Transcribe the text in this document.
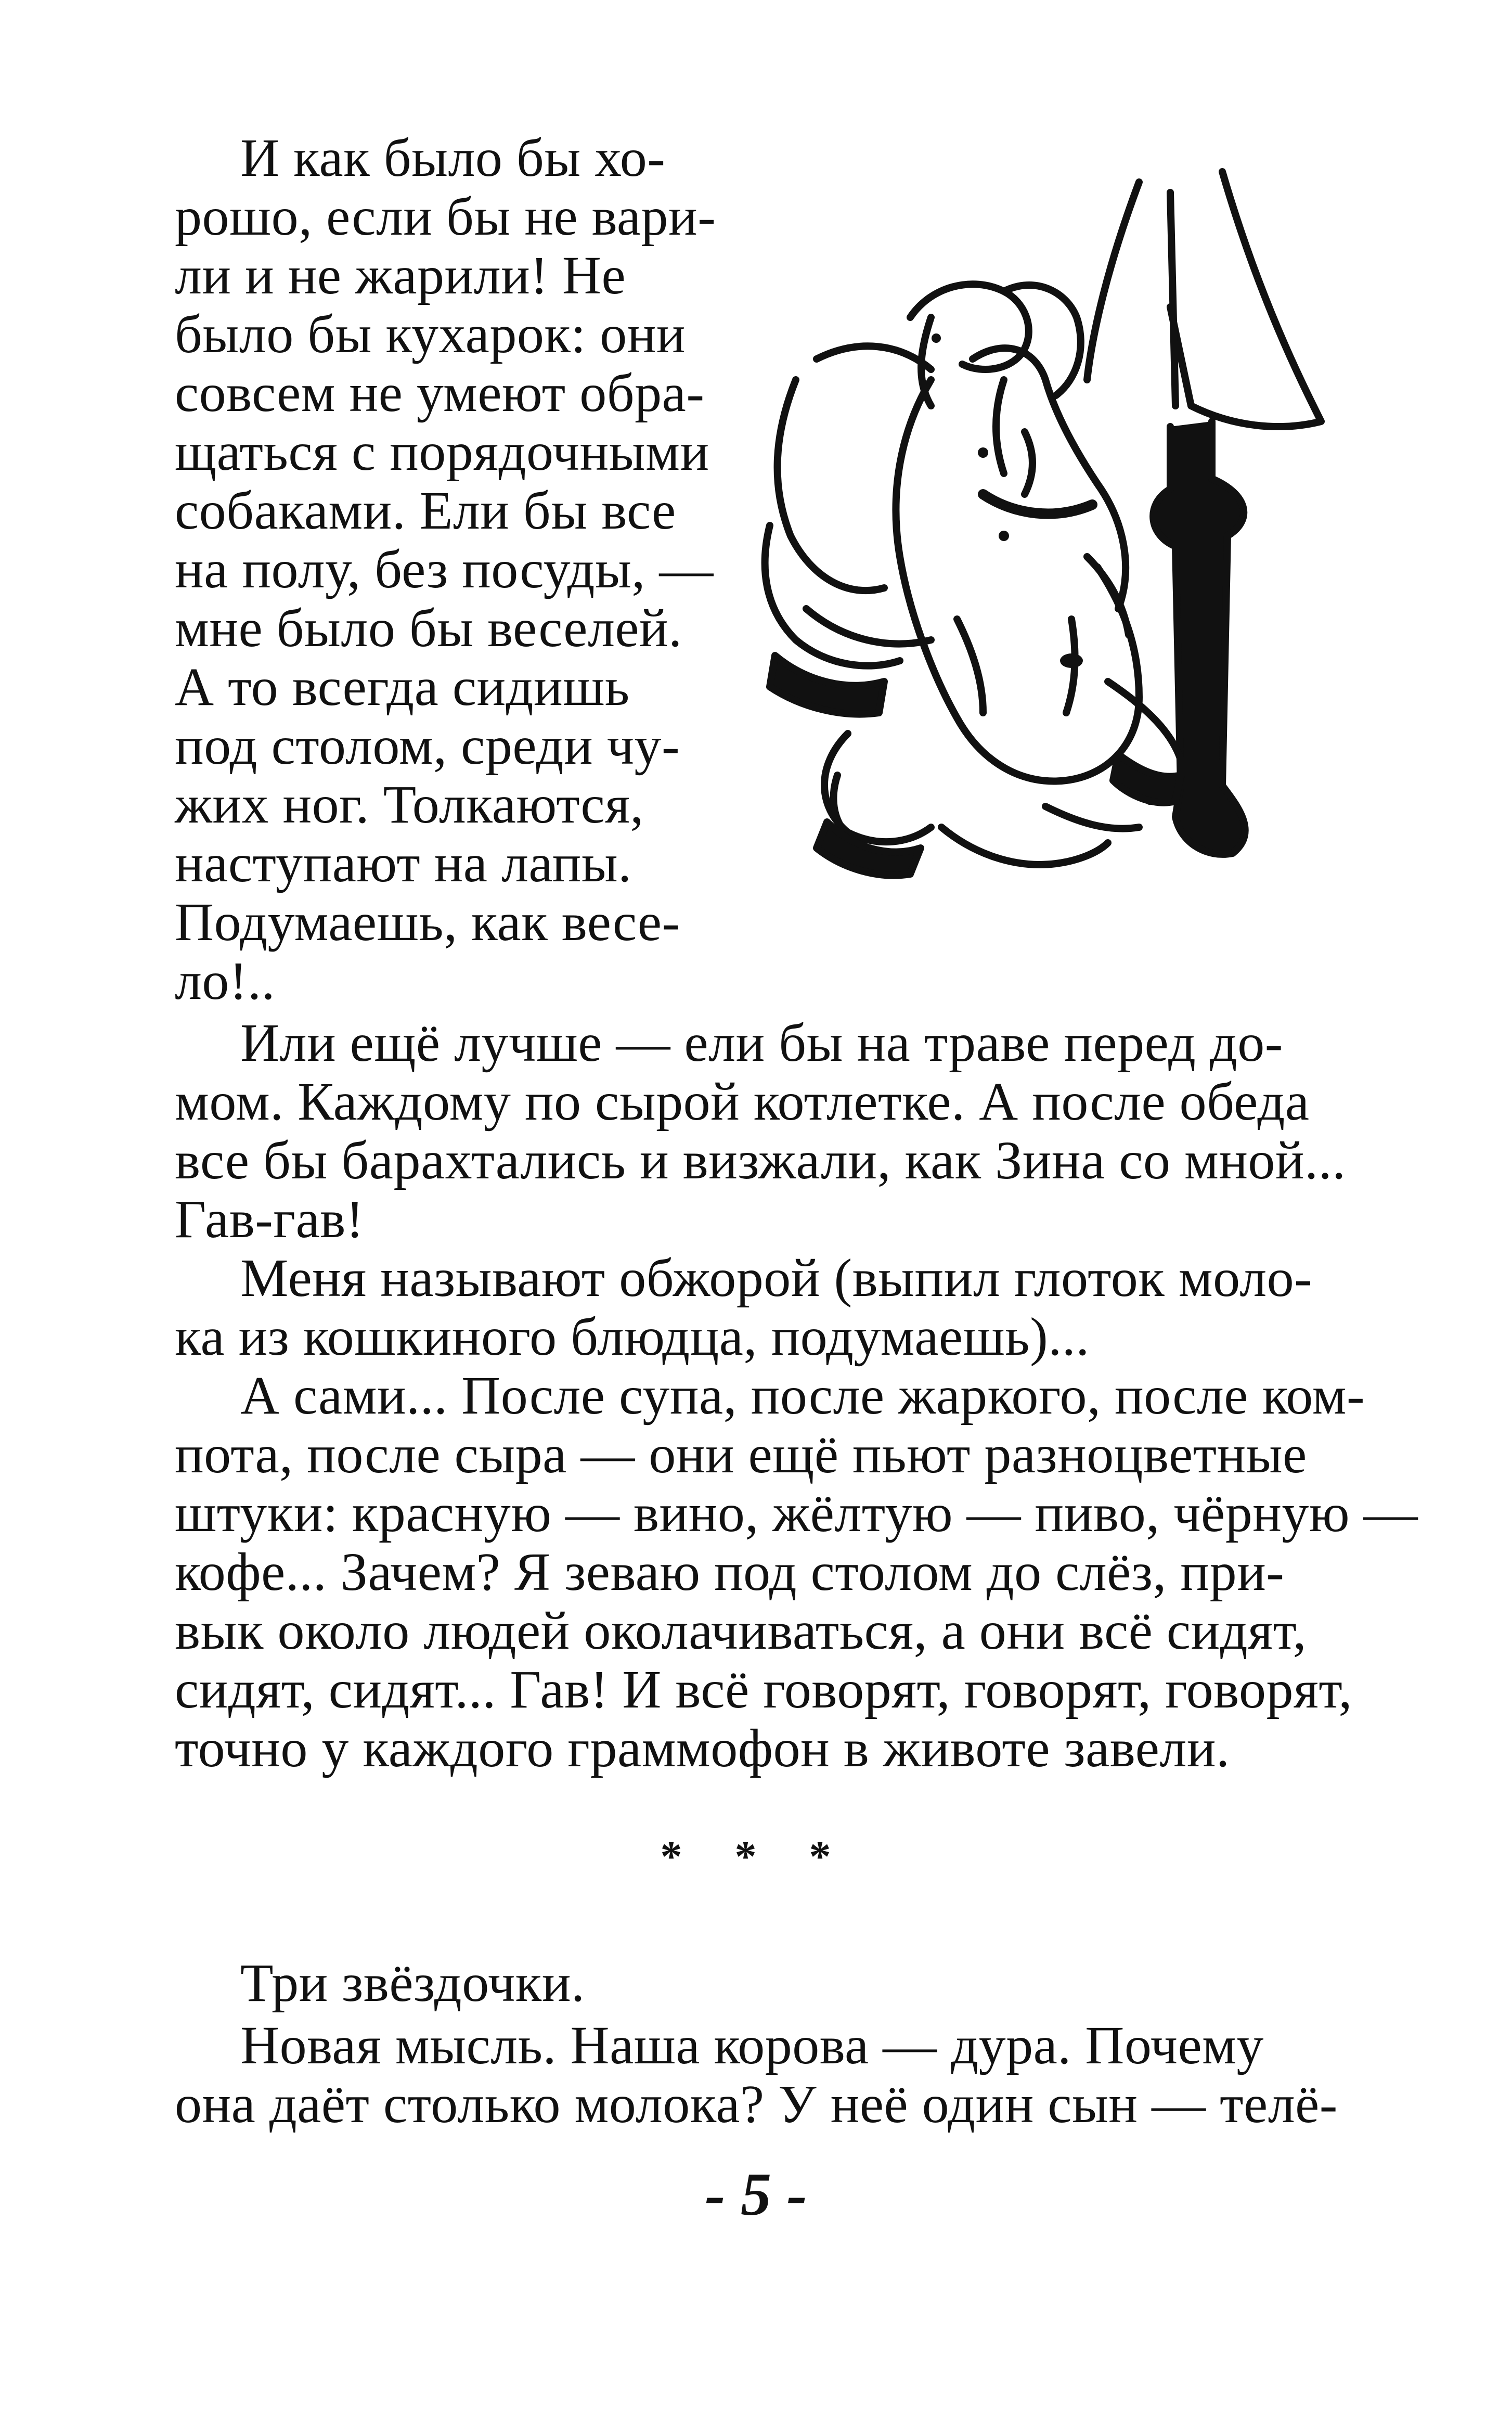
И как было бы хо-
рошо, если бы не вари-
ли и не жарили! Не
было бы кухарок: они
совсем не умеют обра-
щаться с порядочными
собаками. Ели бы все
на полу, без посуды, —
мне было бы веселей.
А то всегда сидишь
под столом, среди чу-
жих ног. Толкаются,
наступают на лапы.
Подумаешь, как весе-
ло!..
Или ещё лучше — ели бы на траве перед до-
мом. Каждому по сырой котлетке. А после обеда
все бы барахтались и визжали, как Зина со мной...
Гав-гав!
Меня называют обжорой (выпил глоток моло-
ка из кошкиного блюдца, подумаешь)...
А сами... После супа, после жаркого, после ком-
пота, после сыра — они ещё пьют разноцветные
штуки: красную — вино, жёлтую — пиво, чёрную —
кофе... Зачем? Я зеваю под столом до слёз, при-
вык около людей околачиваться, а они всё сидят,
сидят, сидят... Гав! И всё говорят, говорят, говорят,
точно у каждого граммофон в животе завели.
* * *
Три звёздочки.
Новая мысль. Наша корова — дура. Почему
она даёт столько молока? У неё один сын — телё-
- 5 -
